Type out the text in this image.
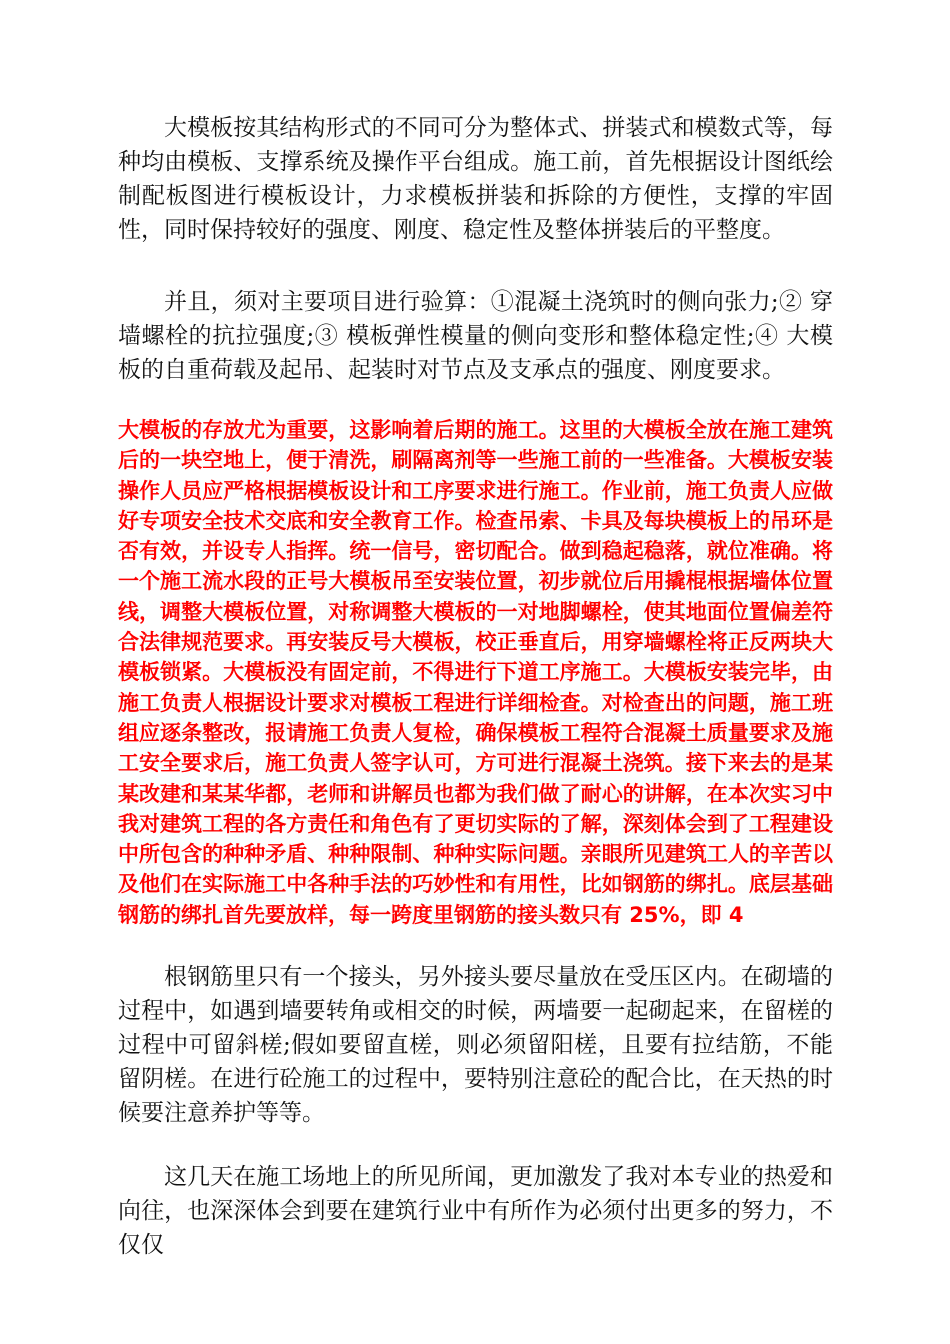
大模板按其结构形式的不同可分为整体式、拼装式和模数式等，每种均由模板、支撑系统及操作平台组成。施工前，首先根据设计图纸绘制配板图进行模板设计，力求模板拼装和拆除的方便性，支撑的牢固性，同时保持较好的强度、刚度、稳定性及整体拼装后的平整度。

并且，须对主要项目进行验算：①混凝土浇筑时的侧向张力;② 穿墙螺栓的抗拉强度;③ 模板弹性模量的侧向变形和整体稳定性;④ 大模板的自重荷载及起吊、起装时对节点及支承点的强度、刚度要求。

大模板的存放尤为重要，这影响着后期的施工。这里的大模板全放在施工建筑后的一块空地上，便于清洗，刷隔离剂等一些施工前的一些准备。大模板安装操作人员应严格根据模板设计和工序要求进行施工。作业前，施工负责人应做好专项安全技术交底和安全教育工作。检查吊索、卡具及每块模板上的吊环是否有效，并设专人指挥。统一信号，密切配合。做到稳起稳落，就位准确。将一个施工流水段的正号大模板吊至安装位置，初步就位后用撬棍根据墙体位置线，调整大模板位置，对称调整大模板的一对地脚螺栓，使其地面位置偏差符合法律规范要求。再安装反号大模板，校正垂直后，用穿墙螺栓将正反两块大模板锁紧。大模板没有固定前，不得进行下道工序施工。大模板安装完毕，由施工负责人根据设计要求对模板工程进行详细检查。对检查出的问题，施工班组应逐条整改，报请施工负责人复检，确保模板工程符合混凝土质量要求及施工安全要求后，施工负责人签字认可，方可进行混凝土浇筑。接下来去的是某某改建和某某华都，老师和讲解员也都为我们做了耐心的讲解，在本次实习中我对建筑工程的各方责任和角色有了更切实际的了解，深刻体会到了工程建设中所包含的种种矛盾、种种限制、种种实际问题。亲眼所见建筑工人的辛苦以及他们在实际施工中各种手法的巧妙性和有用性，比如钢筋的绑扎。底层基础钢筋的绑扎首先要放样，每一跨度里钢筋的接头数只有 25%，即 4

根钢筋里只有一个接头，另外接头要尽量放在受压区内。在砌墙的过程中，如遇到墙要转角或相交的时候，两墙要一起砌起来，在留槎的过程中可留斜槎;假如要留直槎，则必须留阳槎，且要有拉结筋，不能留阴槎。在进行砼施工的过程中，要特别注意砼的配合比，在天热的时候要注意养护等等。

这几天在施工场地上的所见所闻，更加激发了我对本专业的热爱和向往，也深深体会到要在建筑行业中有所作为必须付出更多的努力，不仅仅
